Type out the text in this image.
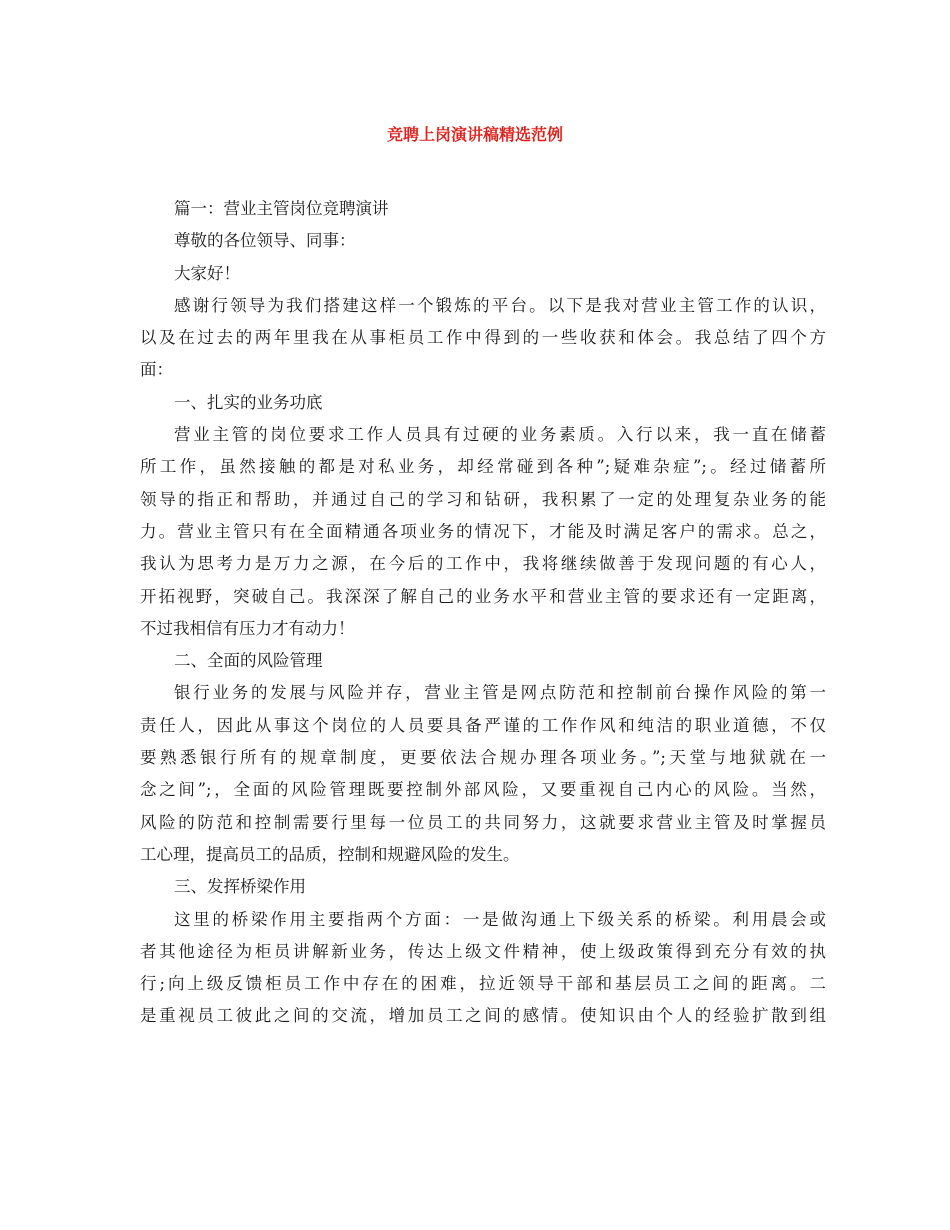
竞聘上岗演讲稿精选范例
篇一：营业主管岗位竞聘演讲
尊敬的各位领导、同事：
大家好！
感谢行领导为我们搭建这样一个锻炼的平台。以下是我对营业主管工作的认识，
以及在过去的两年里我在从事柜员工作中得到的一些收获和体会。我总结了四个方
面：
一、扎实的业务功底
营业主管的岗位要求工作人员具有过硬的业务素质。入行以来，我一直在储蓄
所工作，虽然接触的都是对私业务，却经常碰到各种”;疑难杂症”;。经过储蓄所
领导的指正和帮助，并通过自己的学习和钻研，我积累了一定的处理复杂业务的能
力。营业主管只有在全面精通各项业务的情况下，才能及时满足客户的需求。总之，
我认为思考力是万力之源，在今后的工作中，我将继续做善于发现问题的有心人，
开拓视野，突破自己。我深深了解自己的业务水平和营业主管的要求还有一定距离，
不过我相信有压力才有动力！
二、全面的风险管理
银行业务的发展与风险并存，营业主管是网点防范和控制前台操作风险的第一
责任人，因此从事这个岗位的人员要具备严谨的工作作风和纯洁的职业道德，不仅
要熟悉银行所有的规章制度，更要依法合规办理各项业务。”;天堂与地狱就在一
念之间”;，全面的风险管理既要控制外部风险，又要重视自己内心的风险。当然，
风险的防范和控制需要行里每一位员工的共同努力，这就要求营业主管及时掌握员
工心理，提高员工的品质，控制和规避风险的发生。
三、发挥桥梁作用
这里的桥梁作用主要指两个方面：一是做沟通上下级关系的桥梁。利用晨会或
者其他途径为柜员讲解新业务，传达上级文件精神，使上级政策得到充分有效的执
行;向上级反馈柜员工作中存在的困难，拉近领导干部和基层员工之间的距离。二
是重视员工彼此之间的交流，增加员工之间的感情。使知识由个人的经验扩散到组
